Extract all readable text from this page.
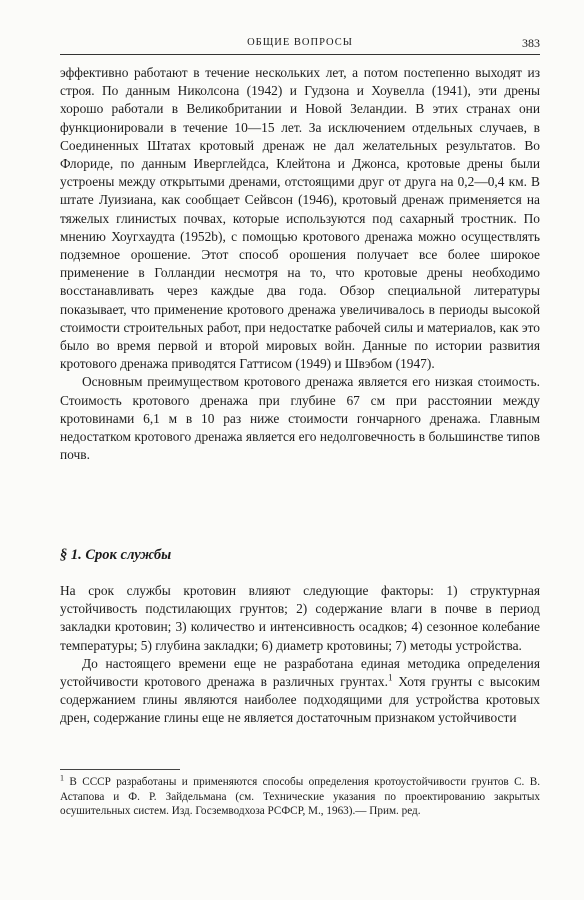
ОБЩИЕ ВОПРОСЫ	383

эффективно работают в течение нескольких лет, а потом постепенно выходят из строя. По данным Николсона (1942) и Гудзона и Хоувелла (1941), эти дрены хорошо работали в Великобритании и Новой Зеландии. В этих странах они функционировали в течение 10—15 лет. За исключением отдельных случаев, в Соединенных Штатах кротовый дренаж не дал желательных результатов. Во Флориде, по данным Иверглейдса, Клейтона и Джонса, кротовые дрены были устроены между открытыми дренами, отстоящими друг от друга на 0,2—0,4 км. В штате Луизиана, как сообщает Сейвсон (1946), кротовый дренаж применяется на тяжелых глинистых почвах, которые используются под сахарный тростник. По мнению Хоугхаудта (1952b), с помощью кротового дренажа можно осуществлять подземное орошение. Этот способ орошения получает все более широкое применение в Голландии несмотря на то, что кротовые дрены необходимо восстанавливать через каждые два года. Обзор специальной литературы показывает, что применение кротового дренажа увеличивалось в периоды высокой стоимости строительных работ, при недостатке рабочей силы и материалов, как это было во время первой и второй мировых войн. Данные по истории развития кротового дренажа приводятся Гаттисом (1949) и Швэбом (1947).

Основным преимуществом кротового дренажа является его низкая стоимость. Стоимость кротового дренажа при глубине 67 см при расстоянии между кротовинами 6,1 м в 10 раз ниже стоимости гончарного дренажа. Главным недостатком кротового дренажа является его недолговечность в большинстве типов почв.

§ 1. Срок службы

На срок службы кротовин влияют следующие факторы: 1) структурная устойчивость подстилающих грунтов; 2) содержание влаги в почве в период закладки кротовин; 3) количество и интенсивность осадков; 4) сезонное колебание температуры; 5) глубина закладки; 6) диаметр кротовины; 7) методы устройства.

До настоящего времени еще не разработана единая методика определения устойчивости кротового дренажа в различных грунтах.$^1$ Хотя грунты с высоким содержанием глины являются наиболее подходящими для устройства кротовых дрен, содержание глины еще не является достаточным признаком устойчивости

$^1$ В СССР разработаны и применяются способы определения кротоустойчивости грунтов С. В. Астапова и Ф. Р. Зайдельмана (см. Технические указания по проектированию закрытых осушительных систем. Изд. Госземводхоза РСФСР, М., 1963).— Прим. ред.
